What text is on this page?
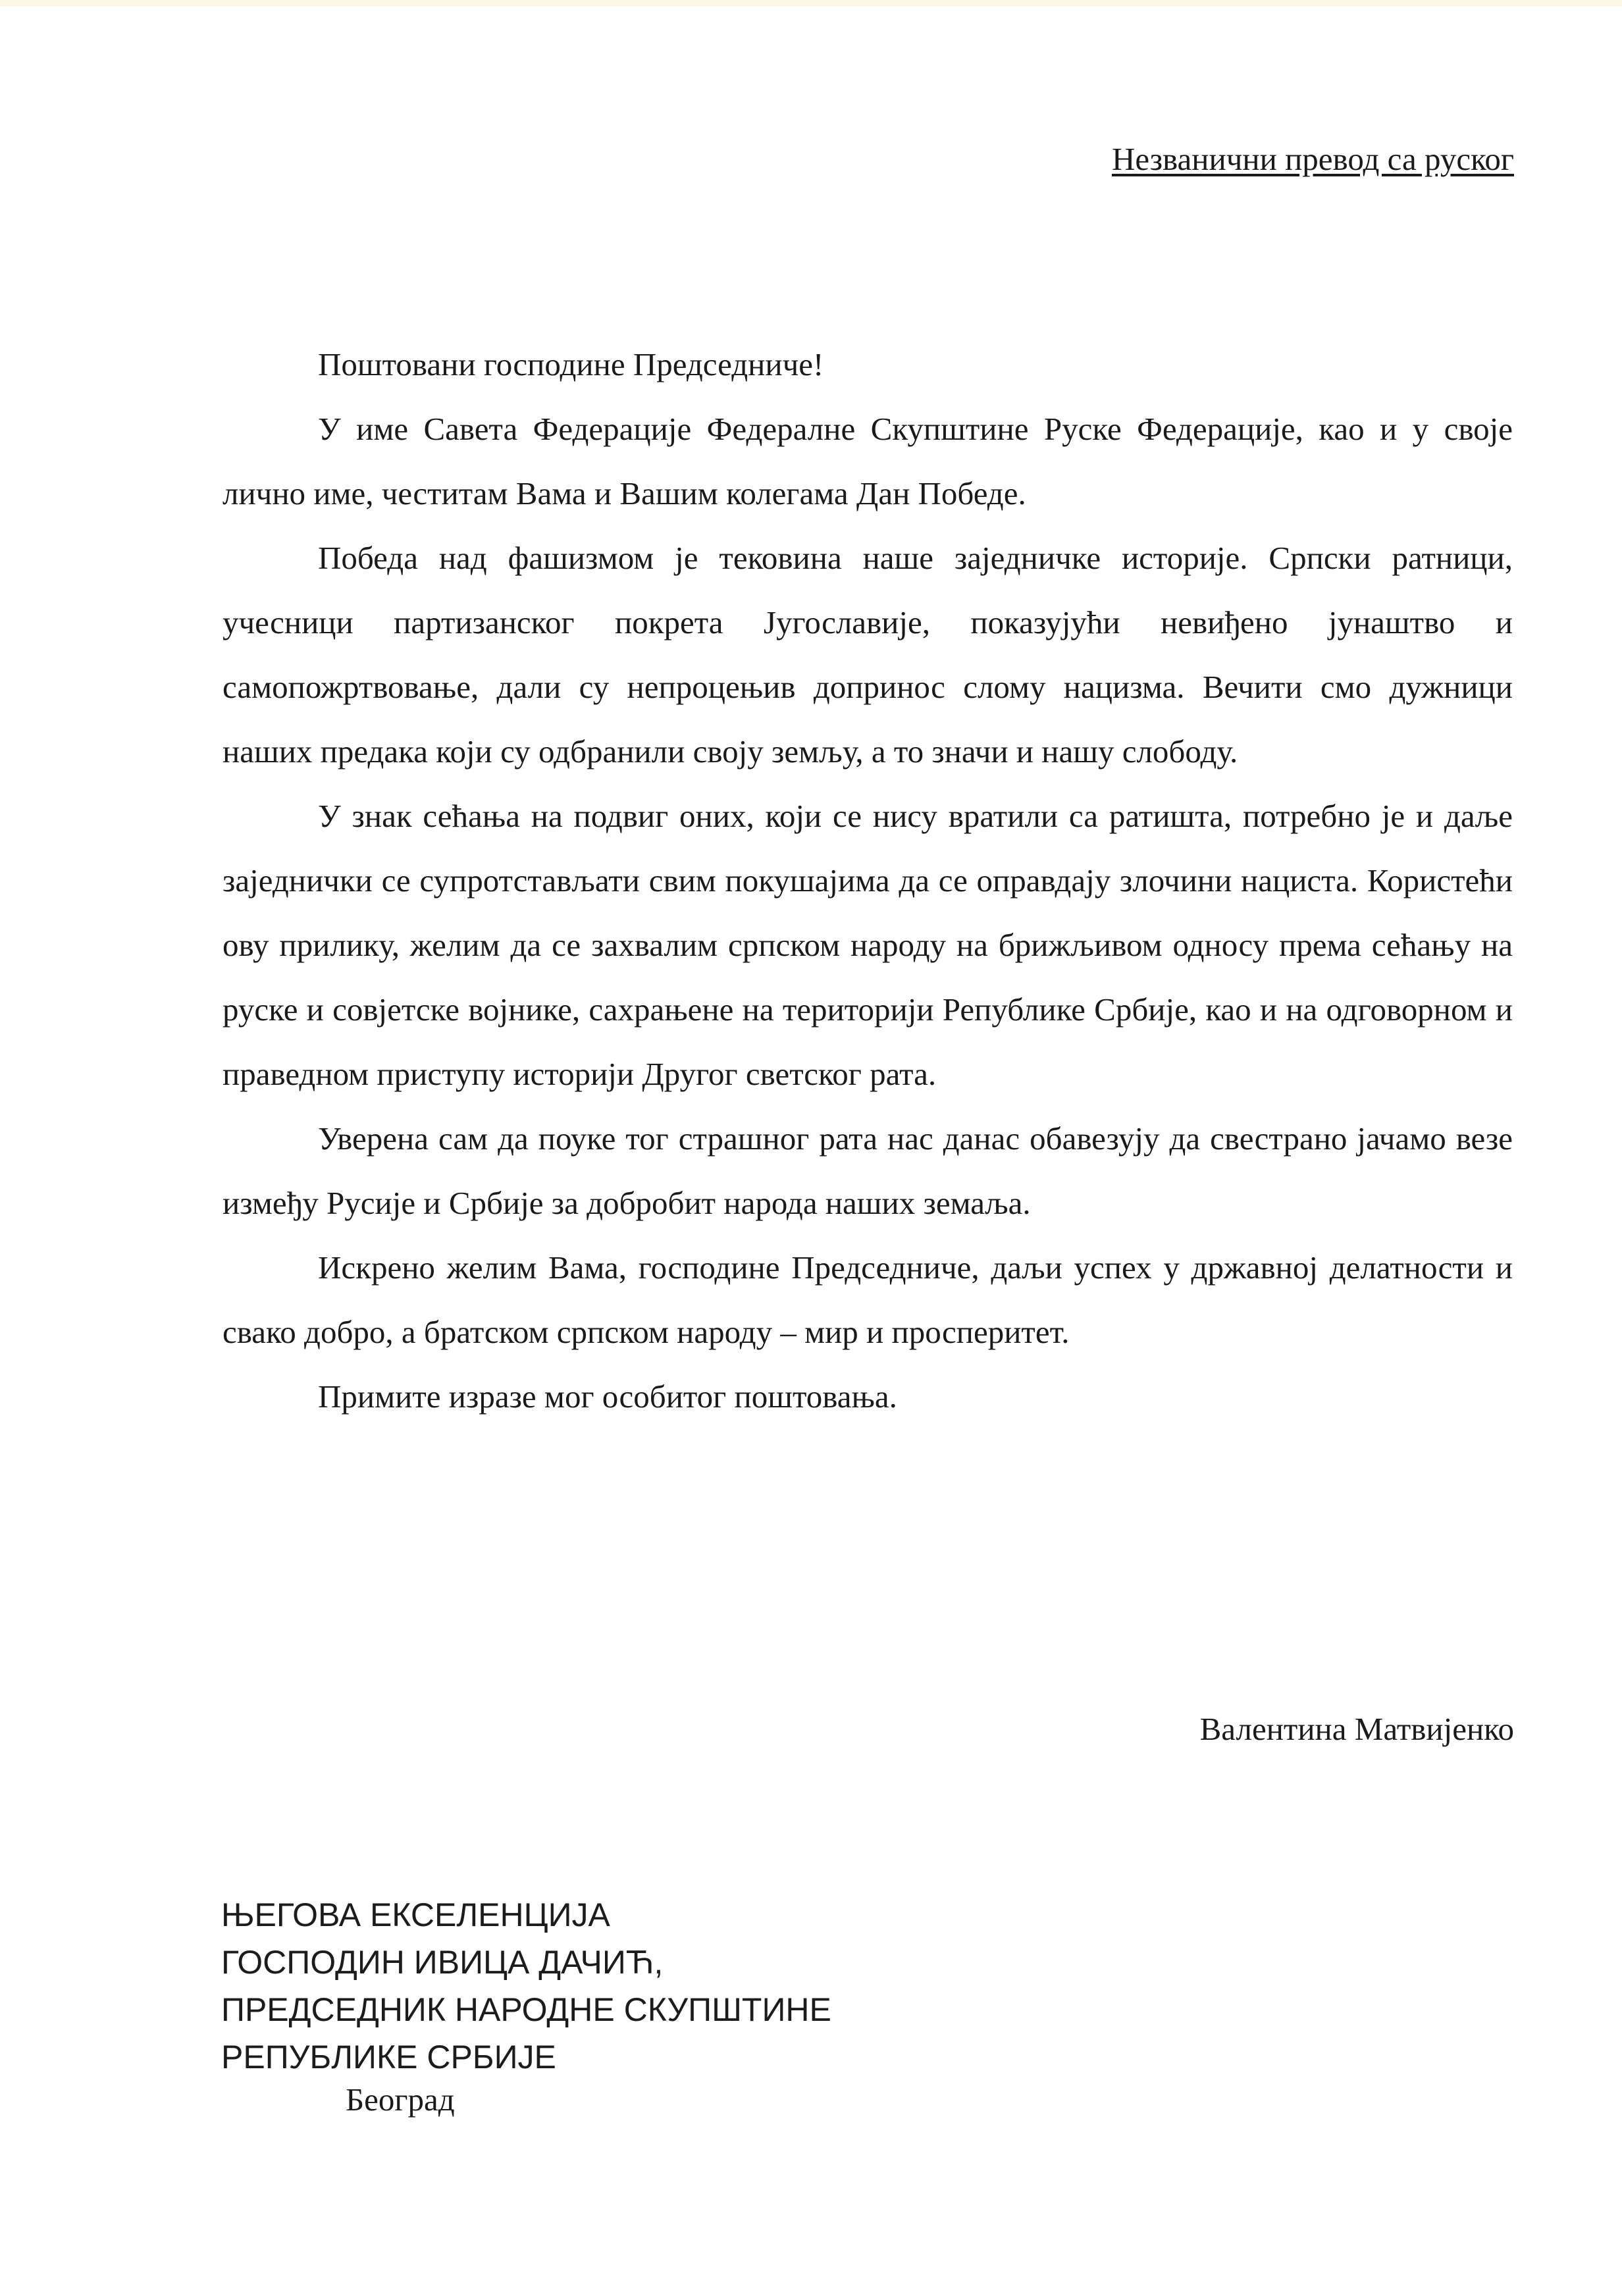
Незванични превод са руског

Поштовани господине Председниче!

У име Савета Федерације Федералне Скупштине Руске Федерације, као и у своје лично име, честитам Вама и Вашим колегама Дан Победе.

Победа над фашизмом је тековина наше заједничке историје. Српски ратници, учесници партизанског покрета Југославије, показујући невиђено јунаштво и самопожртвовање, дали су непроцењив допринос слому нацизма. Вечити смо дужници наших предака који су одбранили своју земљу, а то значи и нашу слободу.

У знак сећања на подвиг оних, који се нису вратили са ратишта, потребно је и даље заједнички се супротстављати свим покушајима да се оправдају злочини нациста. Користећи ову прилику, желим да се захвалим српском народу на брижљивом односу према сећању на руске и совјетске војнике, сахрањене на територији Републике Србије, као и на одговорном и праведном приступу историји Другог светског рата.

Уверена сам да поуке тог страшног рата нас данас обавезују да свестрано јачамо везе између Русије и Србије за добробит народа наших земаља.

Искрено желим Вама, господине Председниче, даљи успех у државној делатности и свако добро, а братском српском народу – мир и просперитет.

Примите изразе мог особитог поштовања.

Валентина Матвијенко
ЊЕГОВА ЕКСЕЛЕНЦИЈА
ГОСПОДИН ИВИЦА ДАЧИЋ,
ПРЕДСЕДНИК НАРОДНЕ СКУПШТИНЕ
РЕПУБЛИКЕ СРБИЈЕ
Београд
